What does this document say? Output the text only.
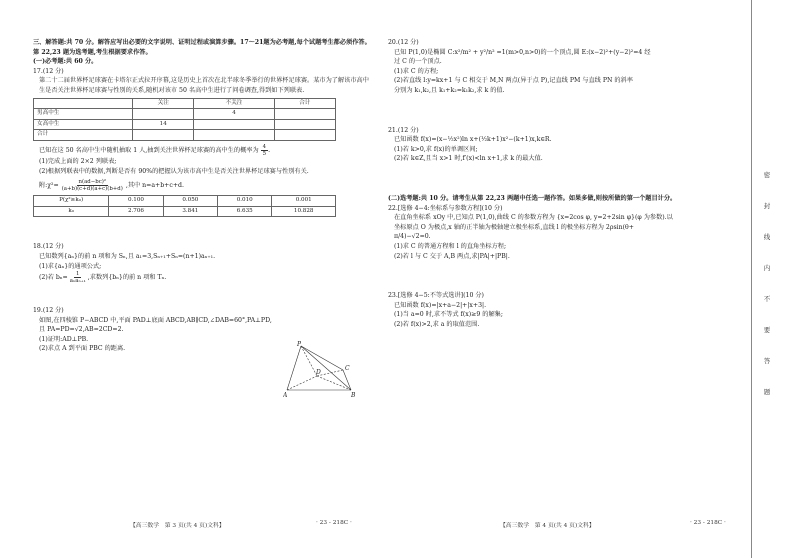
三、解答题:共 70 分。解答应写出必要的文字说明、证明过程或演算步骤。17～21题为必考题,每个试题考生都必须作答。第 22,23 题为选考题,考生根据要求作答。

(一)必考题:共 60 分。

17.(12 分)

第二十二届世界杯足球赛在卡塔尔正式拉开序幕,这是历史上首次在北半球冬季举行的世界杯足球赛。某市为了解该市高中生是否关注世界杯足球赛与性别的关系,随机对该市 50 名高中生进行了问卷调查,得到如下列联表.

	关注	不关注	合计
男高中生		4	
女高中生	14		
合计			

已知在这 50 名高中生中随机抽取 1 人,抽到关注世界杯足球赛的高中生的概率为 $\frac{4}{5}$ .

(1)完成上面的 2×2 列联表;

(2)根据列联表中的数据,判断是否有 90%的把握认为该市高中生是否关注世界杯足球赛与性别有关.

附:χ²= $\frac{\text{n(ad−bc)²}}{(a+b)(c+d)(a+c)(b+d)}$ ,其中 n=a+b+c+d.
P(χ²≥k₀)	0.100	0.050	0.010	0.001
k₀	2.706	3.841	6.635	10.828

18.(12 分)

已知数列{aₙ}的前 n 项和为 Sₙ,且 a₁=3,Sₙ₊₁+Sₙ=(n+1)aₙ₊₁.

(1)求{aₙ}的通项公式;

(2)若 $b_n= \frac{1}{\text{aₙaₙ₊₁}}$ ,求数列{bₙ}的前 n 项和 Tₙ.

19.(12 分)

如图,在四棱锥 P−ABCD 中,平面 PAD⊥底面 ABCD,AB∥CD,∠DAB=60°,PA⊥PD,

且 PA=PD=√2,AB=2CD=2.

(1)证明:AD⊥PB.

(2)求点 A 到平面 PBC 的距离.

P
D
C
A	B
【高三数学　第 3 页(共 4 页)文科】	· 23 - 218C ·

20.(12 分)

已知 P(1,0)是椭圆 C:x²/m² + y²/n² =1(m>0,n>0)的一个顶点,圆 E:(x−2)²+(y−2)²=4 经

过 C 的一个顶点.

(1)求 C 的方程;

(2)若直线 l:y=kx+1 与 C 相交于 M,N 两点(异于点 P),记直线 PM 与直线 PN 的斜率

分别为 k₁,k₂,且 k₁+k₂=k₁k₂,求 k 的值.

21.(12 分)

已知函数 f(x)=(x−½x²)ln x+(½k+1)x²−(k+1)x,k∈R.

(1)若 k>0,求 f(x)的单调区间;

(2)若 k∈Z,且当 x>1 时,f′(x)<ln x+1,求 k 的最大值.

(二)选考题:共 10 分。请考生从第 22,23 两题中任选一题作答。如果多做,则按所做的第一个题目计分。

22.[选修 4−4:坐标系与参数方程](10 分)

在直角坐标系 xOy 中,已知点 P(1,0),曲线 C 的参数方程为 {x=2cos φ, y=2+2sin φ}(φ 为参数).以

坐标原点 O 为极点,x 轴的正半轴为极轴建立极坐标系,直线 l 的极坐标方程为 2ρsin(θ+

π/4)−√2=0.

(1)求 C 的普通方程和 l 的直角坐标方程;

(2)若 l 与 C 交于 A,B 两点,求|PA|+|PB|.

23.[选修 4−5:不等式选讲](10 分)

已知函数 f(x)=|x+a−2|+|x+3|.

(1)当 a=0 时,求不等式 f(x)≥9 的解集;

(2)若 f(x)>2,求 a 的取值范围.

【高三数学　第 4 页(共 4 页)文科】	· 23 - 218C ·
密
封
线
内
不
要
答
题
